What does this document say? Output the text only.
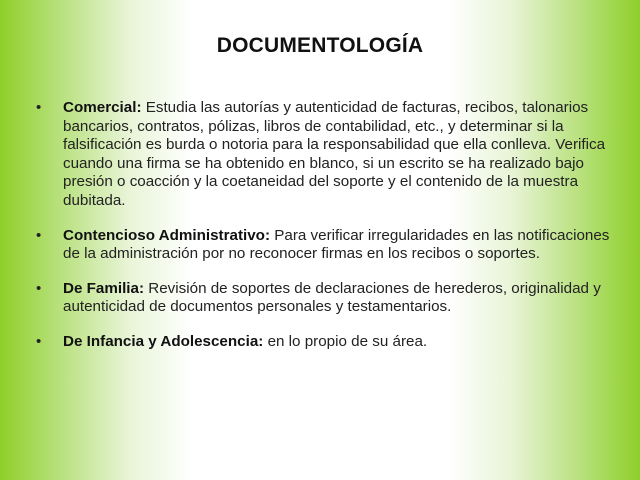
DOCUMENTOLOGÍA
•	Comercial: Estudia las autorías y autenticidad de facturas, recibos, talonarios bancarios, contratos, pólizas, libros de contabilidad, etc., y determinar si la falsificación es burda o notoria para la responsabilidad que ella conlleva. Verifica cuando una firma se ha obtenido en blanco, si un escrito se ha realizado bajo presión o coacción y la coetaneidad del soporte y el contenido de la muestra dubitada.
•	Contencioso Administrativo: Para verificar irregularidades en las notificaciones de la administración por no reconocer firmas en los recibos o soportes.
•	De Familia: Revisión de soportes de declaraciones de herederos, originalidad y autenticidad de documentos personales y testamentarios.
•	De Infancia y Adolescencia: en lo propio de su área.
